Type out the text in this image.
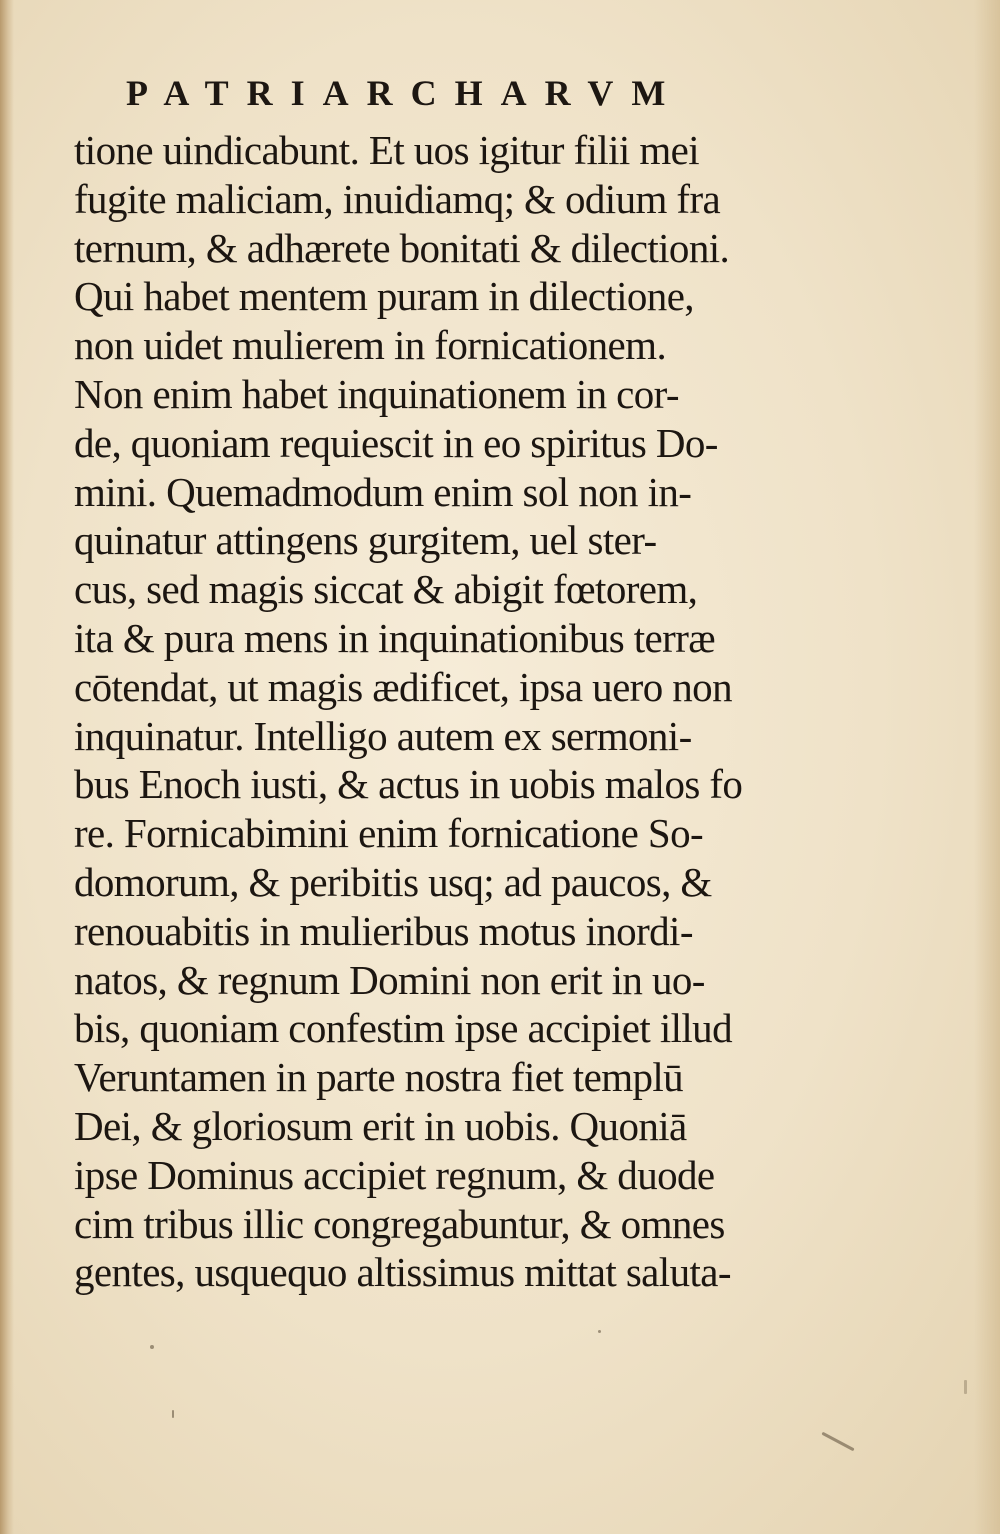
PATRIARCHARVM
tione uindicabunt. Et uos igitur filii mei
fugite maliciam, inuidiamq; & odium fra
ternum, & adhærete bonitati & dilectioni.
Qui habet mentem puram in dilectione,
non uidet mulierem in fornicationem.
Non enim habet inquinationem in cor-
de, quoniam requiescit in eo spiritus Do-
mini. Quemadmodum enim sol non in-
quinatur attingens gurgitem, uel ster-
cus, sed magis siccat & abigit fœtorem,
ita & pura mens in inquinationibus terræ
cōtendat, ut magis ædificet, ipsa uero non
inquinatur. Intelligo autem ex sermoni-
bus Enoch iusti, & actus in uobis malos fo
re. Fornicabimini enim fornicatione So-
domorum, & peribitis usq; ad paucos, &
renouabitis in mulieribus motus inordi-
natos, & regnum Domini non erit in uo-
bis, quoniam confestim ipse accipiet illud
Veruntamen in parte nostra fiet templū
Dei, & gloriosum erit in uobis. Quoniā
ipse Dominus accipiet regnum, & duode
cim tribus illic congregabuntur, & omnes
gentes, usquequo altissimus mittat saluta-
